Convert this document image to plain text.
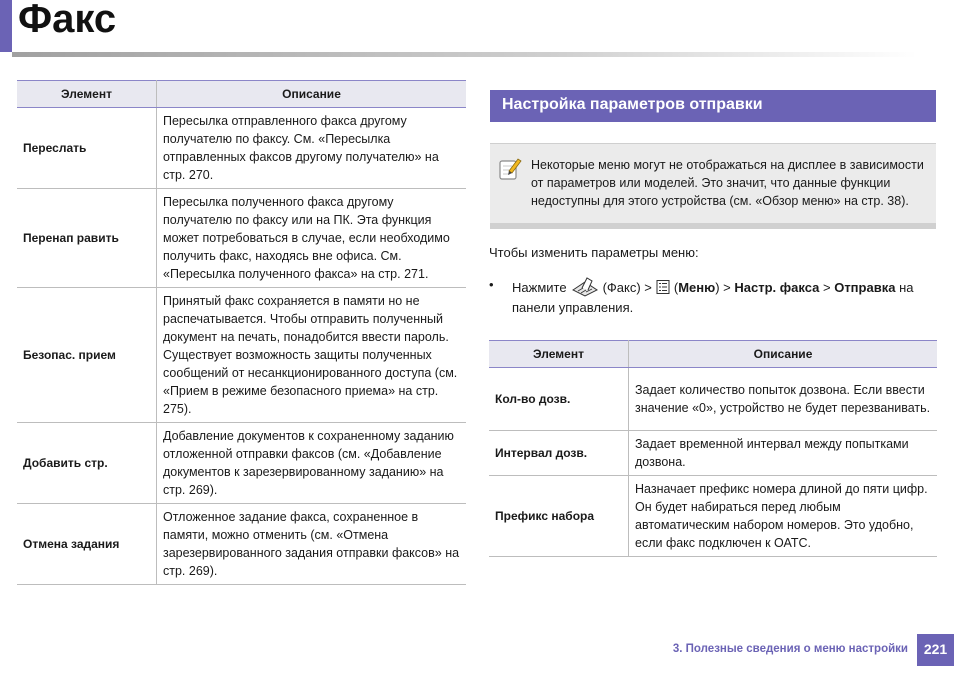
Факс
Элемент	Описание
Переслать	Пересылка отправленного факса другому получателю по факсу. См. «Пересылка отправленных факсов другому получателю» на стр. 270.
Перенап равить	Пересылка полученного факса другому получателю по факсу или на ПК. Эта функция может потребоваться в случае, если необходимо получить факс, находясь вне офиса. См. «Пересылка полученного факса» на стр. 271.
Безопас. прием	Принятый факс сохраняется в памяти но не распечатывается. Чтобы отправить полученный документ на печать, понадобится ввести пароль. Существует возможность защиты полученных сообщений от несанкционированного доступа (см. «Прием в режиме безопасного приема» на стр. 275).
Добавить стр.	Добавление документов к сохраненному заданию отложенной отправки факсов (см. «Добавление документов к зарезервированному заданию» на стр. 269).
Отмена задания	Отложенное задание факса, сохраненное в памяти, можно отменить (см. «Отмена зарезервированного задания отправки факсов» на стр. 269).
Настройка параметров отправки

Некоторые меню могут не отображаться на дисплее в зависимости от параметров или моделей. Это значит, что данные функции недоступны для этого устройства (см. «Обзор меню» на стр. 38).

Чтобы изменить параметры меню:

• Нажмите	(Факс) > ( Меню ) >
Настр. факса
>
Отправка
на
панели управления.
Элемент	Описание
Кол-во дозв.	Задает количество попыток дозвона. Если ввести значение «0», устройство не будет перезванивать.
Интервал дозв.	Задает временной интервал между попытками дозвона.
Префикс набора	Назначает префикс номера длиной до пяти цифр. Он будет набираться перед любым автоматическим набором номеров. Это удобно, если факс подключен к ОАТС.
3. Полезные сведения о меню настройки	221
